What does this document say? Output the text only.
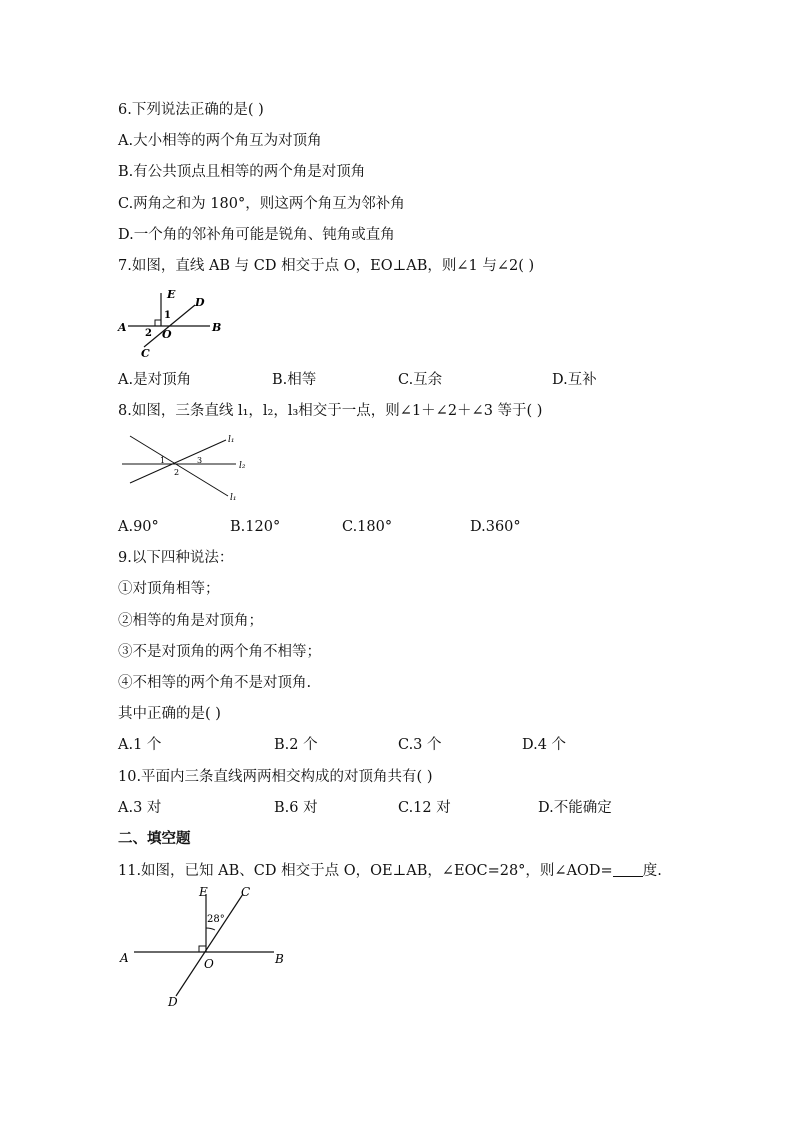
6.下列说法正确的是( )
A.大小相等的两个角互为对顶角
B.有公共顶点且相等的两个角是对顶角
C.两角之和为 180°，则这两个角互为邻补角
D.一个角的邻补角可能是锐角、钝角或直角
7.如图，直线 AB 与 CD 相交于点 O，EO⊥AB，则∠1 与∠2( )
E
D
1
A	B
2 O
C
A.是对顶角	B.相等	C.互余	D.互补
8.如图，三条直线 l₁，l₂，l₃相交于一点，则∠1＋∠2＋∠3 等于( )
l₁
l₂
l₁
1
2
3
A.90°	B.120°	C.180°	D.360°
9.以下四种说法：
①对顶角相等；
②相等的角是对顶角；
③不是对顶角的两个角不相等；
④不相等的两个角不是对顶角.
其中正确的是( )
A.1 个	B.2 个	C.3 个	D.4 个
10.平面内三条直线两两相交构成的对顶角共有( )
A.3 对	B.6 对	C.12 对	D.不能确定
二、填空题
11.如图，已知 AB、CD 相交于点 O，OE⊥AB，∠EOC=28°，则∠AOD= 度.
E	C
28°
A	O	B
D
